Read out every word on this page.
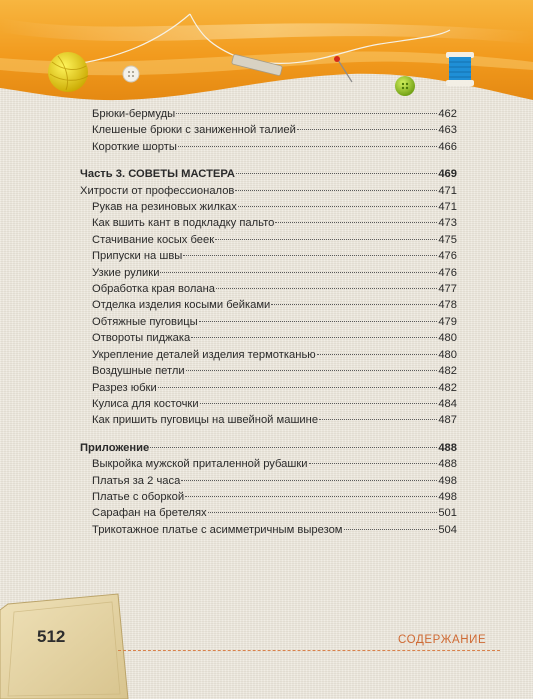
Брюки-бермуды	462
Клешеные брюки с заниженной талией	463
Короткие шорты	466
Часть 3. СОВЕТЫ МАСТЕРА	469
Хитрости от профессионалов	471
Рукав на резиновых жилках	471
Как вшить кант в подкладку пальто	473
Стачивание косых беек	475
Припуски на швы	476
Узкие рулики	476
Обработка края волана	477
Отделка изделия косыми бейками	478
Обтяжные пуговицы	479
Отвороты пиджака	480
Укрепление деталей изделия термотканью	480
Воздушные петли	482
Разрез юбки	482
Кулиса для косточки	484
Как пришить пуговицы на швейной машине	487
Приложение	488
Выкройка мужской приталенной рубашки	488
Платья за 2 часа	498
Платье с оборкой	498
Сарафан на бретелях	501
Трикотажное платье с асимметричным вырезом	504
512	СОДЕРЖАНИЕ
